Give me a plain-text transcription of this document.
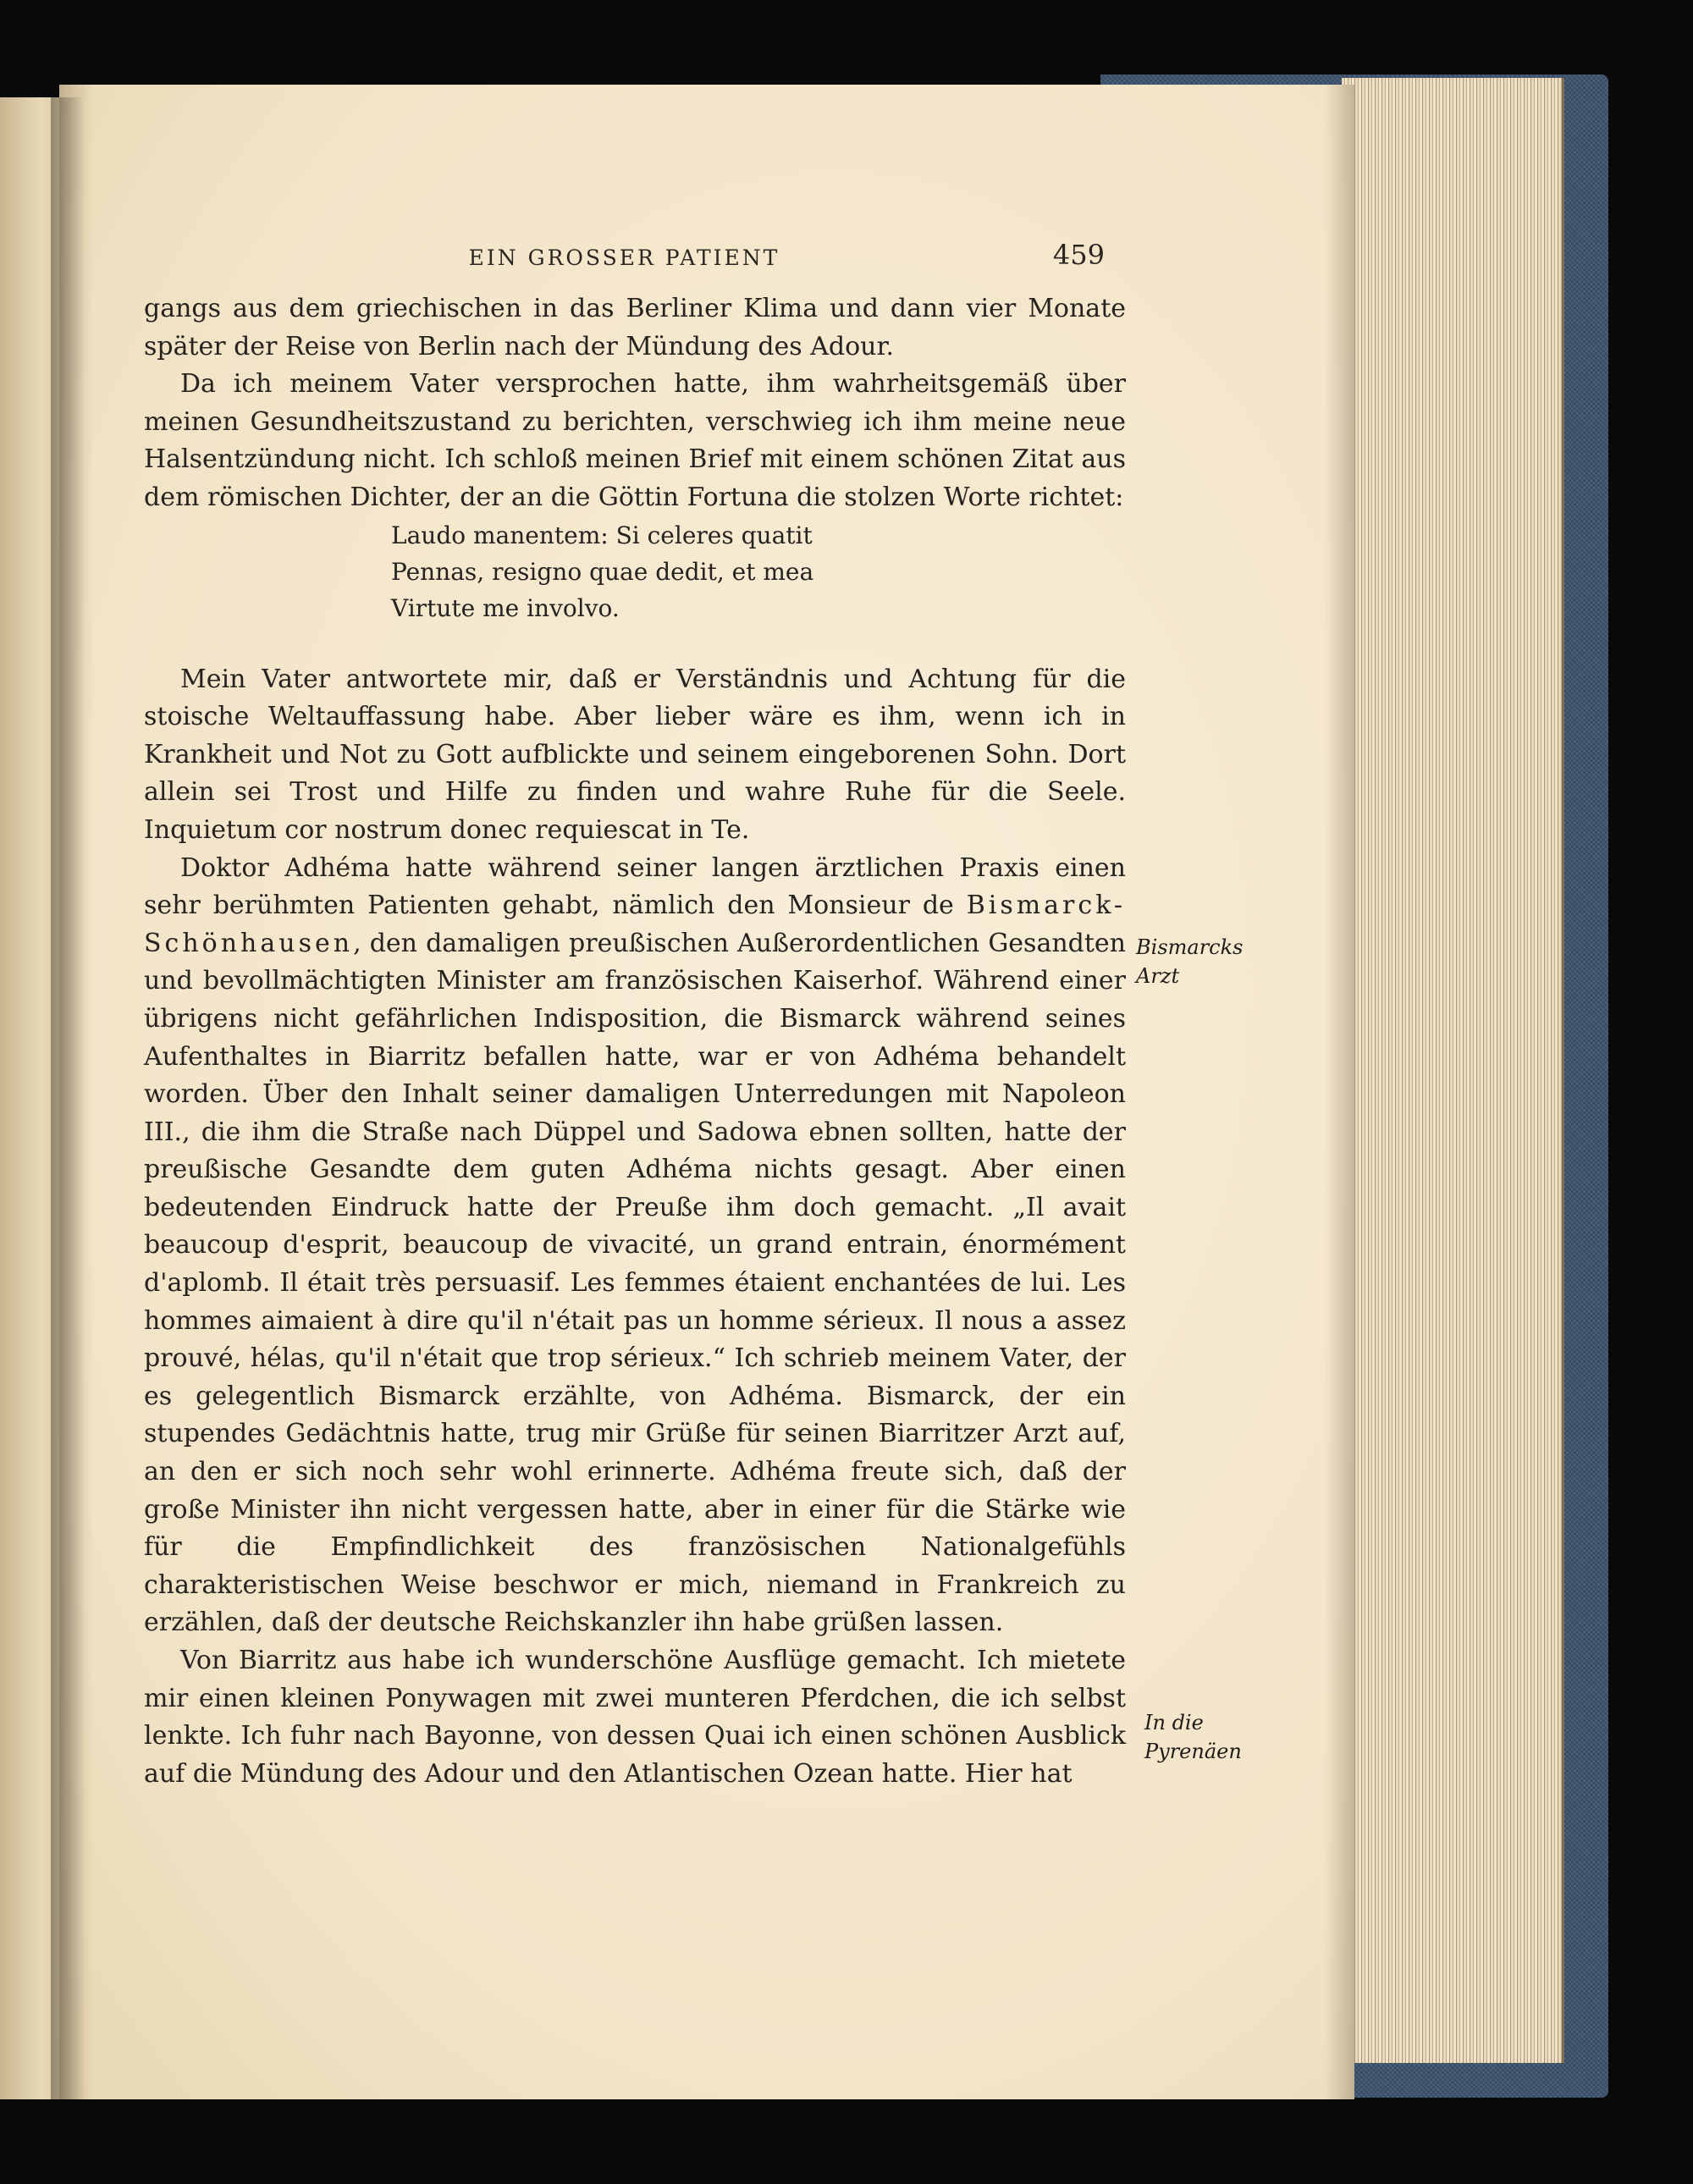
EIN GROSSER PATIENT	459

gangs aus dem griechischen in das Berliner Klima und dann vier Monate später der Reise von Berlin nach der Mündung des Adour.

Da ich meinem Vater versprochen hatte, ihm wahrheitsgemäß über meinen Gesundheitszustand zu berichten, verschwieg ich ihm meine neue Halsentzündung nicht. Ich schloß meinen Brief mit einem schönen Zitat aus dem römischen Dichter, der an die Göttin Fortuna die stolzen Worte richtet:

Laudo manentem: Si celeres quatit
Pennas, resigno quae dedit, et mea
Virtute me involvo.

Mein Vater antwortete mir, daß er Verständnis und Achtung für die stoische Weltauffassung habe. Aber lieber wäre es ihm, wenn ich in Krankheit und Not zu Gott aufblickte und seinem eingeborenen Sohn. Dort allein sei Trost und Hilfe zu finden und wahre Ruhe für die Seele. Inquietum cor nostrum donec requiescat in Te.

Doktor Adhéma hatte während seiner langen ärztlichen Praxis einen sehr berühmten Patienten gehabt, nämlich den Monsieur de Bismarck-Schönhausen, den damaligen preußischen Außerordentlichen Gesandten und bevollmächtigten Minister am französischen Kaiserhof. Während einer übrigens nicht gefährlichen Indisposition, die Bismarck während seines Aufenthaltes in Biarritz befallen hatte, war er von Adhéma behandelt worden. Über den Inhalt seiner damaligen Unterredungen mit Napoleon III., die ihm die Straße nach Düppel und Sadowa ebnen sollten, hatte der preußische Gesandte dem guten Adhéma nichts gesagt. Aber einen bedeutenden Eindruck hatte der Preuße ihm doch gemacht. „Il avait beaucoup d'esprit, beaucoup de vivacité, un grand entrain, énormément d'aplomb. Il était très persuasif. Les femmes étaient enchantées de lui. Les hommes aimaient à dire qu'il n'était pas un homme sérieux. Il nous a assez prouvé, hélas, qu'il n'était que trop sérieux.“ Ich schrieb meinem Vater, der es gelegentlich Bismarck erzählte, von Adhéma. Bismarck, der ein stupendes Gedächtnis hatte, trug mir Grüße für seinen Biarritzer Arzt auf, an den er sich noch sehr wohl erinnerte. Adhéma freute sich, daß der große Minister ihn nicht vergessen hatte, aber in einer für die Stärke wie für die Empfindlichkeit des französischen Nationalgefühls charakteristischen Weise beschwor er mich, niemand in Frankreich zu erzählen, daß der deutsche Reichskanzler ihn habe grüßen lassen.

Von Biarritz aus habe ich wunderschöne Ausflüge gemacht. Ich mietete mir einen kleinen Ponywagen mit zwei munteren Pferdchen, die ich selbst lenkte. Ich fuhr nach Bayonne, von dessen Quai ich einen schönen Ausblick auf die Mündung des Adour und den Atlantischen Ozean hatte. Hier hat

Bismarcks
Arzt
In die
Pyrenäen
